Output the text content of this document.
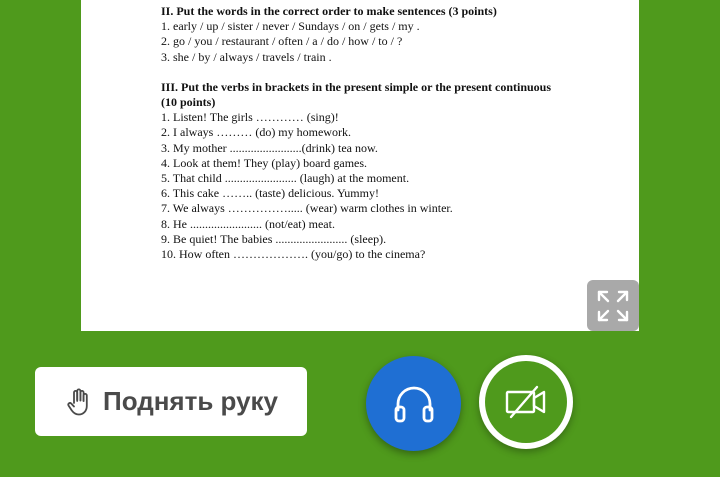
II. Put the words in the correct order to make sentences (3 points)
1. early / up / sister / never / Sundays / on / gets / my .
2. go / you / restaurant / often / a / do / how / to / ?
3. she / by / always / travels / train .
III. Put the verbs in brackets in the present simple or the present continuous
(10 points)
1. Listen! The girls ………… (sing)!
2. I always ……… (do) my homework.
3. My mother ........................(drink) tea now.
4. Look at them! They (play) board games.
5. That child ........................ (laugh) at the moment.
6. This cake …….. (taste) delicious. Yummy!
7. We always ……………..... (wear) warm clothes in winter.
8. He ........................ (not/eat) meat.
9. Be quiet! The babies ........................ (sleep).
10. How often ………………. (you/go) to the cinema?
Поднять руку
